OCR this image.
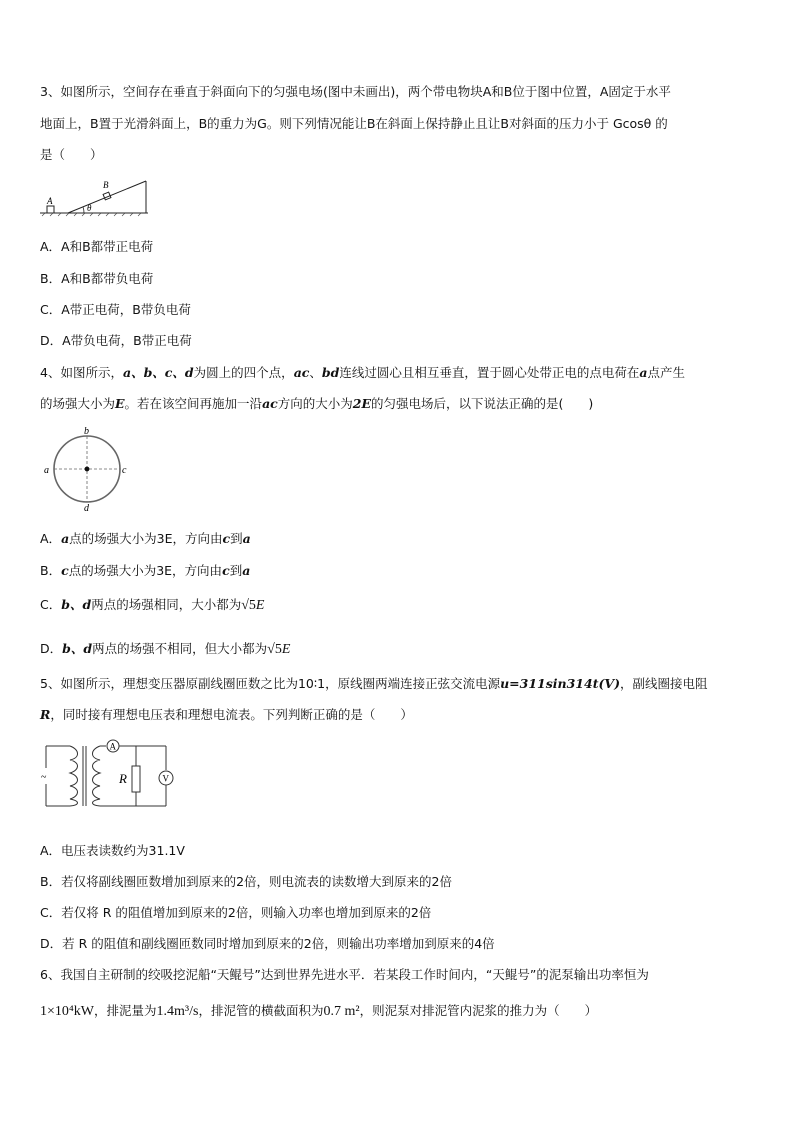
3、如图所示，空间存在垂直于斜面向下的匀强电场(图中未画出)，两个带电物块A和B位于图中位置，A固定于水平
地面上，B置于光滑斜面上，B的重力为G。则下列情况能让B在斜面上保持静止且让B对斜面的压力小于 Gcosθ 的
是（　　）
A
B
θ
A．A和B都带正电荷
B．A和B都带负电荷
C．A带正电荷，B带负电荷
D．A带负电荷，B带正电荷
4、如图所示，a、b、c、d为圆上的四个点，ac、bd连线过圆心且相互垂直，置于圆心处带正电的点电荷在a点产生
的场强大小为E。若在该空间再施加一沿ac方向的大小为2E的匀强电场后，以下说法正确的是(　　)
a
b
c
d
A．a点的场强大小为3E，方向由c到a
B．c点的场强大小为3E，方向由c到a
C．b、d两点的场强相同，大小都为√5E
D．b、d两点的场强不相同，但大小都为√5E
5、如图所示，理想变压器原副线圈匝数之比为10∶1，原线圈两端连接正弦交流电源u=311sin314t(V)，副线圈接电阻
R，同时接有理想电压表和理想电流表。下列判断正确的是（　　）
~
A
R	V
A．电压表读数约为31.1V
B．若仅将副线圈匝数增加到原来的2倍，则电流表的读数增大到原来的2倍
C．若仅将 R 的阻值增加到原来的2倍，则输入功率也增加到原来的2倍
D．若 R 的阻值和副线圈匝数同时增加到原来的2倍，则输出功率增加到原来的4倍
6、我国自主研制的绞吸挖泥船“天鲲号”达到世界先进水平．若某段工作时间内，“天鲲号”的泥泵输出功率恒为
1×10⁴kW，排泥量为1.4m³/s，排泥管的横截面积为0.7 m²，则泥泵对排泥管内泥浆的推力为（　　）
